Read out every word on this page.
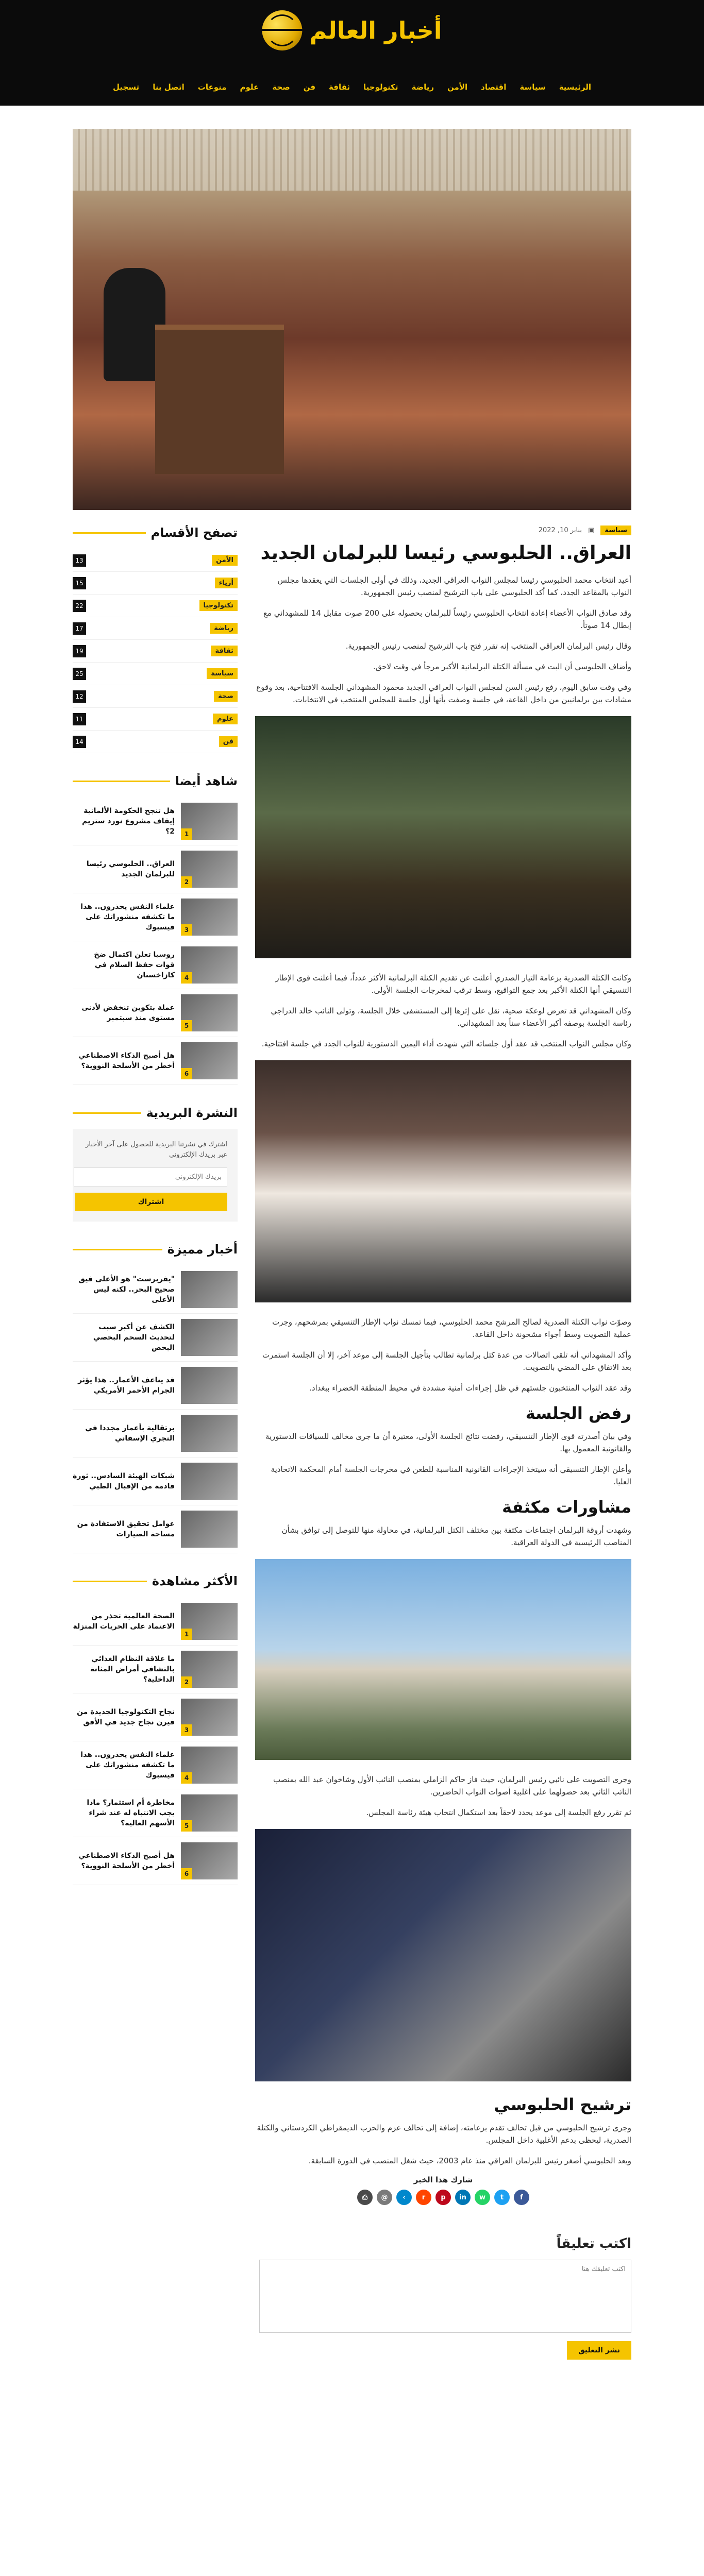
أخبار العالم
الرئيسية
سياسة
اقتصاد
الأمن
رياضة
تكنولوجيا
ثقافة
فن
صحة
علوم
منوعات
اتصل بنا
تسجيل
سياسة
▣
يناير 10, 2022
العراق.. الحلبوسي رئيسا للبرلمان الجديد

أعيد انتخاب محمد الحلبوسي رئيسا لمجلس النواب العراقي الجديد، وذلك في أولى الجلسات التي يعقدها مجلس النواب بالمقاعد الجدد، كما أكد الحلبوسي على باب الترشيح لمنصب رئيس الجمهورية.

وقد صادق النواب الأعضاء إعادة انتخاب الحلبوسي رئيساً للبرلمان بحصوله على 200 صوت مقابل 14 للمشهداني مع إبطال 14 صوتاً.

وقال رئيس البرلمان العراقي المنتخب إنه تقرر فتح باب الترشيح لمنصب رئيس الجمهورية.

وأضاف الحلبوسي أن البت في مسألة الكتلة البرلمانية الأكبر مرجأ في وقت لاحق.

وفي وقت سابق اليوم، رفع رئيس السن لمجلس النواب العراقي الجديد محمود المشهداني الجلسة الافتتاحية، بعد وقوع مشادات بين برلمانيين من داخل القاعة، في جلسة وصفت بأنها أول جلسة للمجلس المنتخب في الانتخابات.

وكانت الكتلة الصدرية بزعامة التيار الصدري أعلنت عن تقديم الكتلة البرلمانية الأكثر عدداً، فيما أعلنت قوى الإطار التنسيقي أنها الكتلة الأكبر بعد جمع التواقيع، وسط ترقب لمخرجات الجلسة الأولى.

وكان المشهداني قد تعرض لوعكة صحية، نقل على إثرها إلى المستشفى خلال الجلسة، وتولى النائب خالد الدراجي رئاسة الجلسة بوصفه أكبر الأعضاء سناً بعد المشهداني.

وكان مجلس النواب المنتخب قد عقد أول جلساته التي شهدت أداء اليمين الدستورية للنواب الجدد في جلسة افتتاحية.

وصوّت نواب الكتلة الصدرية لصالح المرشح محمد الحلبوسي، فيما تمسك نواب الإطار التنسيقي بمرشحهم، وجرت عملية التصويت وسط أجواء مشحونة داخل القاعة.

وأكد المشهداني أنه تلقى اتصالات من عدة كتل برلمانية تطالب بتأجيل الجلسة إلى موعد آخر، إلا أن الجلسة استمرت بعد الاتفاق على المضي بالتصويت.

وقد عقد النواب المنتخبون جلستهم في ظل إجراءات أمنية مشددة في محيط المنطقة الخضراء ببغداد.

رفض الجلسة

وفي بيان أصدرته قوى الإطار التنسيقي، رفضت نتائج الجلسة الأولى، معتبرة أن ما جرى مخالف للسياقات الدستورية والقانونية المعمول بها.

وأعلن الإطار التنسيقي أنه سيتخذ الإجراءات القانونية المناسبة للطعن في مخرجات الجلسة أمام المحكمة الاتحادية العليا.

مشاورات مكثفة

وشهدت أروقة البرلمان اجتماعات مكثفة بين مختلف الكتل البرلمانية، في محاولة منها للتوصل إلى توافق بشأن المناصب الرئيسية في الدولة العراقية.

وجرى التصويت على نائبي رئيس البرلمان، حيث فاز حاكم الزاملي بمنصب النائب الأول وشاخوان عبد الله بمنصب النائب الثاني بعد حصولهما على أغلبية أصوات النواب الحاضرين.

ثم تقرر رفع الجلسة إلى موعد يحدد لاحقاً بعد استكمال انتخاب هيئة رئاسة المجلس.

ترشيح الحلبوسي

وجرى ترشيح الحلبوسي من قبل تحالف تقدم بزعامته، إضافة إلى تحالف عزم والحزب الديمقراطي الكردستاني والكتلة الصدرية، ليحظى بدعم الأغلبية داخل المجلس.

ويعد الحلبوسي أصغر رئيس للبرلمان العراقي منذ عام 2003، حيث شغل المنصب في الدورة السابقة.

شارك هذا الخبر
f
t
w
in
p
r
›
@
⎙
اكتب تعليقاً
اكتب تعليقك هنا
نشر التعليق
تصفح الأقسام
الأمن
13
أزياء
15
تكنولوجيا
22
رياضة
17
ثقافة
19
سياسة
25
صحة
12
علوم
11
فن
14
شاهد أيضا
1
هل تنجح الحكومة الألمانية إيقاف مشروع نورد ستريم 2؟
2
العراق.. الحلبوسي رئيسا للبرلمان الجديد
3
علماء النفس يحذرون.. هذا ما تكشفه منشوراتك على فيسبوك
4
روسيا تعلن اكتمال ضخ قوات حفظ السلام في كازاخستان
5
عملة بتكوين تنخفض لأدنى مستوى منذ سبتمبر
6
هل أصبح الذكاء الاصطناعي أخطر من الأسلحة النووية؟
النشرة البريدية

اشترك في نشرتنا البريدية للحصول على آخر الأخبار عبر بريدك الإلكتروني

بريدك الإلكتروني اشتراك
أخبار مميزة
"يفربرست" هو الأعلى فيق صحيح البحر.. لكنه ليس الأعلى
الكشف عن أكبر سبب لتحديث السحم البخصي البحص
قد يناعف الأعمار.. هذا يؤثر الجرام الأحمر الأمريكي
برتقالية بأعمار مجددا في النجري الإسفاني
شبكات الهيئة السادس.. ثورة قادمة من الإقبال الطبي
عوامل تحقيق الاستفادة من مساحة الصيارات
الأكثر مشاهدة
1
الصحة العالمية تحذر من الاعتماد على الحريات المنزلة
2
ما علاقة النظام الغذائي بالتشافي أمراض المثانة الداخلية؟
3
نجاح التكنولوجيا الجديدة من فيرن نجاح جديد في الأفق
4
علماء النفس يحذرون.. هذا ما تكشفه منشوراتك على فيسبوك
5
مخاطرة أم استثمار؟ ماذا يجب الانتباه له عند شراء الأسهم العالية؟
6
هل أصبح الذكاء الاصطناعي أخطر من الأسلحة النووية؟
